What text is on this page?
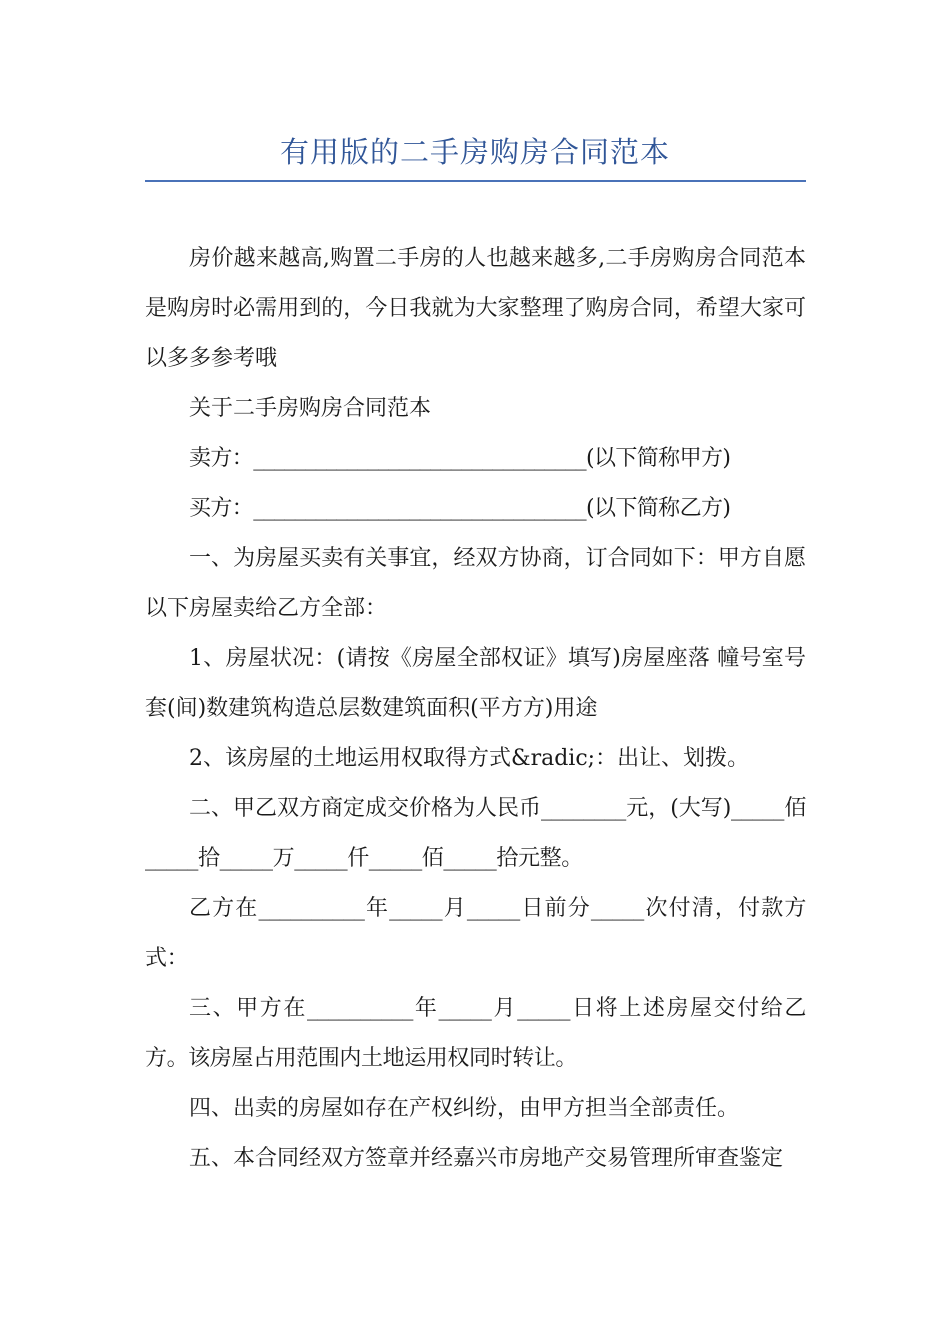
有用版的二手房购房合同范本

房价越来越高,购置二手房的人也越来越多,二手房购房合同范本是购房时必需用到的，今日我就为大家整理了购房合同，希望大家可以多多参考哦

关于二手房购房合同范本

卖方：________________________________(以下简称甲方)

买方：________________________________(以下简称乙方)

一、为房屋买卖有关事宜，经双方协商，订合同如下：甲方自愿以下房屋卖给乙方全部：

1、房屋状况：(请按《房屋全部权证》填写)房屋座落 幢号室号套(间)数建筑构造总层数建筑面积(平方方)用途

2、该房屋的土地运用权取得方式&radic;：出让、划拨。

二、甲乙双方商定成交价格为人民币________元，(大写)_____佰_____拾_____万_____仟_____佰_____拾元整。

乙方在__________年_____月_____日前分_____次付清，付款方式：

三、甲方在__________年_____月_____日将上述房屋交付给乙方。该房屋占用范围内土地运用权同时转让。

四、出卖的房屋如存在产权纠纷，由甲方担当全部责任。

五、本合同经双方签章并经嘉兴市房地产交易管理所审查鉴定
